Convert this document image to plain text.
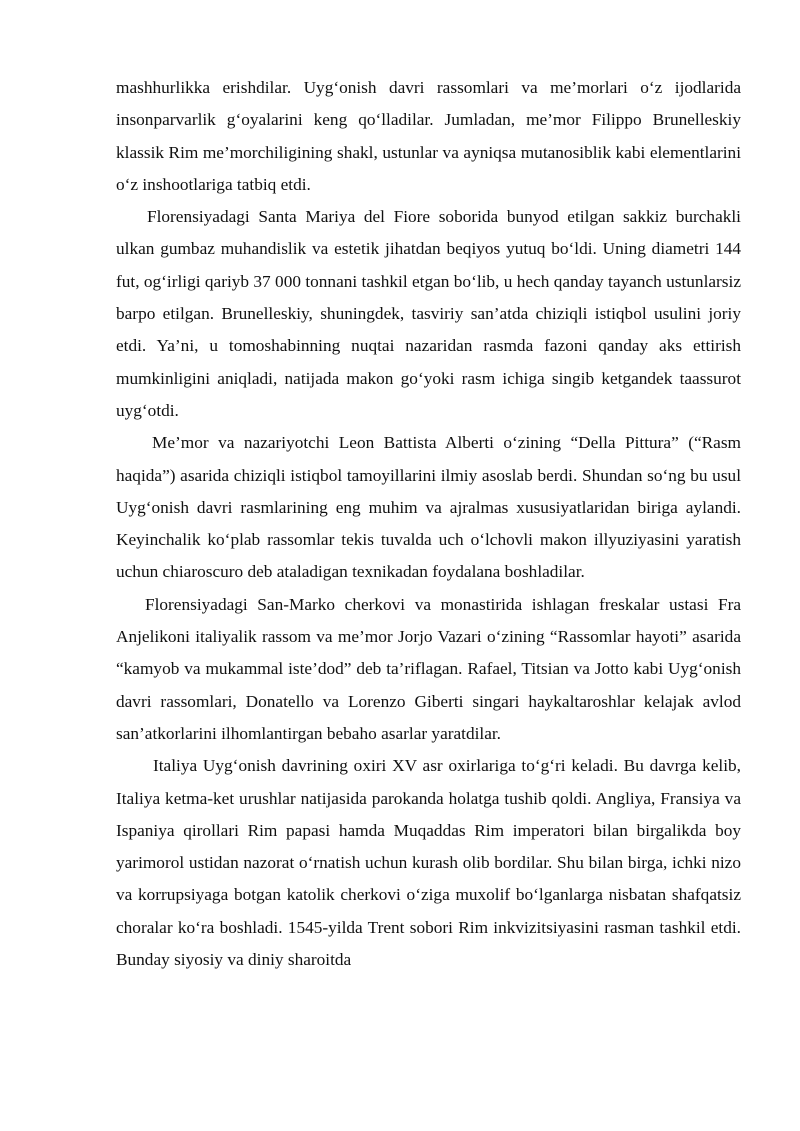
mashhurlikka erishdilar. Uyg‘onish davri rassomlari va me’morlari o‘z ijodlarida insonparvarlik g‘oyalarini keng qo‘lladilar. Jumladan, me’mor Filippo Brunelleskiy klassik Rim me’morchiligining shakl, ustunlar va ayniqsa mutanosiblik kabi elementlarini o‘z inshootlariga tatbiq etdi.

Florensiyadagi Santa Mariya del Fiore soborida bunyod etilgan sakkiz burchakli ulkan gumbaz muhandislik va estetik jihatdan beqiyos yutuq bo‘ldi. Uning diametri 144 fut, og‘irligi qariyb 37 000 tonnani tashkil etgan bo‘lib, u hech qanday tayanch ustunlarsiz barpo etilgan. Brunelleskiy, shuningdek, tasviriy san’atda chiziqli istiqbol usulini joriy etdi. Ya’ni, u tomoshabinning nuqtai nazaridan rasmda fazoni qanday aks ettirish mumkinligini aniqladi, natijada makon go‘yoki rasm ichiga singib ketgandek taassurot uyg‘otdi.

Me’mor va nazariyotchi Leon Battista Alberti o‘zining “Della Pittura” (“Rasm haqida”) asarida chiziqli istiqbol tamoyillarini ilmiy asoslab berdi. Shundan so‘ng bu usul Uyg‘onish davri rasmlarining eng muhim va ajralmas xususiyatlaridan biriga aylandi. Keyinchalik ko‘plab rassomlar tekis tuvalda uch o‘lchovli makon illyuziyasini yaratish uchun chiaroscuro deb ataladigan texnikadan foydalana boshladilar.

Florensiyadagi San-Marko cherkovi va monastirida ishlagan freskalar ustasi Fra Anjelikoni italiyalik rassom va me’mor Jorjo Vazari o‘zining “Rassomlar hayoti” asarida “kamyob va mukammal iste’dod” deb ta’riflagan. Rafael, Titsian va Jotto kabi Uyg‘onish davri rassomlari, Donatello va Lorenzo Giberti singari haykaltaroshlar kelajak avlod san’atkorlarini ilhomlantirgan bebaho asarlar yaratdilar.

Italiya Uyg‘onish davrining oxiri XV asr oxirlariga to‘g‘ri keladi. Bu davrga kelib, Italiya ketma-ket urushlar natijasida parokanda holatga tushib qoldi. Angliya, Fransiya va Ispaniya qirollari Rim papasi hamda Muqaddas Rim imperatori bilan birgalikda boy yarimorol ustidan nazorat o‘rnatish uchun kurash olib bordilar. Shu bilan birga, ichki nizo va korrupsiyaga botgan katolik cherkovi o‘ziga muxolif bo‘lganlarga nisbatan shafqatsiz choralar ko‘ra boshladi. 1545-yilda Trent sobori Rim inkvizitsiyasini rasman tashkil etdi. Bunday siyosiy va diniy sharoitda
